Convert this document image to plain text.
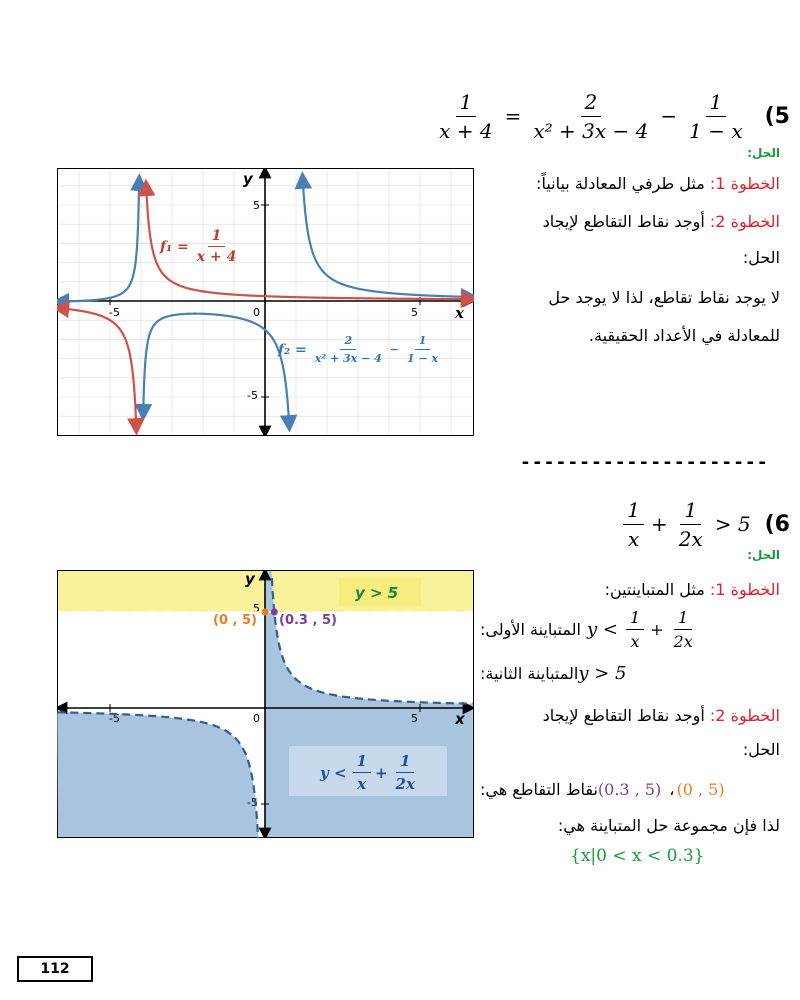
$\frac{1}{x + 4} = \frac{2}{\text{x² + 3x − 4}} - \frac{1}{1 - x} (5$
الحل:
الخطوة 1: مثل طرفي المعادلة بيانياً:
الخطوة 2: أوجد نقاط التقاطع لإيجاد
الحل:
لا يوجد نقاط تقاطع، لذا لا يوجد حل
للمعادلة في الأعداد الحقيقية.
x
y
-5	0	5
5
-5
$f_1 = \frac{1}{x + 4}$
$f_2 = \frac{2}{\text{x² + 3x − 4}} - \frac{1}{1 - x}$
---------------------
$\frac{1}{x} + \frac{1}{2x} > 5$ (6
الحل:
الخطوة 1: مثل المتباينتين:
المتباينة الأولى: $y < \frac{1}{x} + \frac{1}{2x}$
المتباينة الثانية: y > 5
الخطوة 2: أوجد نقاط التقاطع لإيجاد
الحل:
نقاط التقاطع هي: (0.3 , 5) ، (0 , 5)
لذا فإن مجموعة حل المتباينة هي:
{x|0 < x < 0.3}
x
y
-5	0	5
5
-5
y > 5
(0 , 5) (0.3 , 5)
$y < \frac{1}{x} + \frac{1}{2x}$
112
